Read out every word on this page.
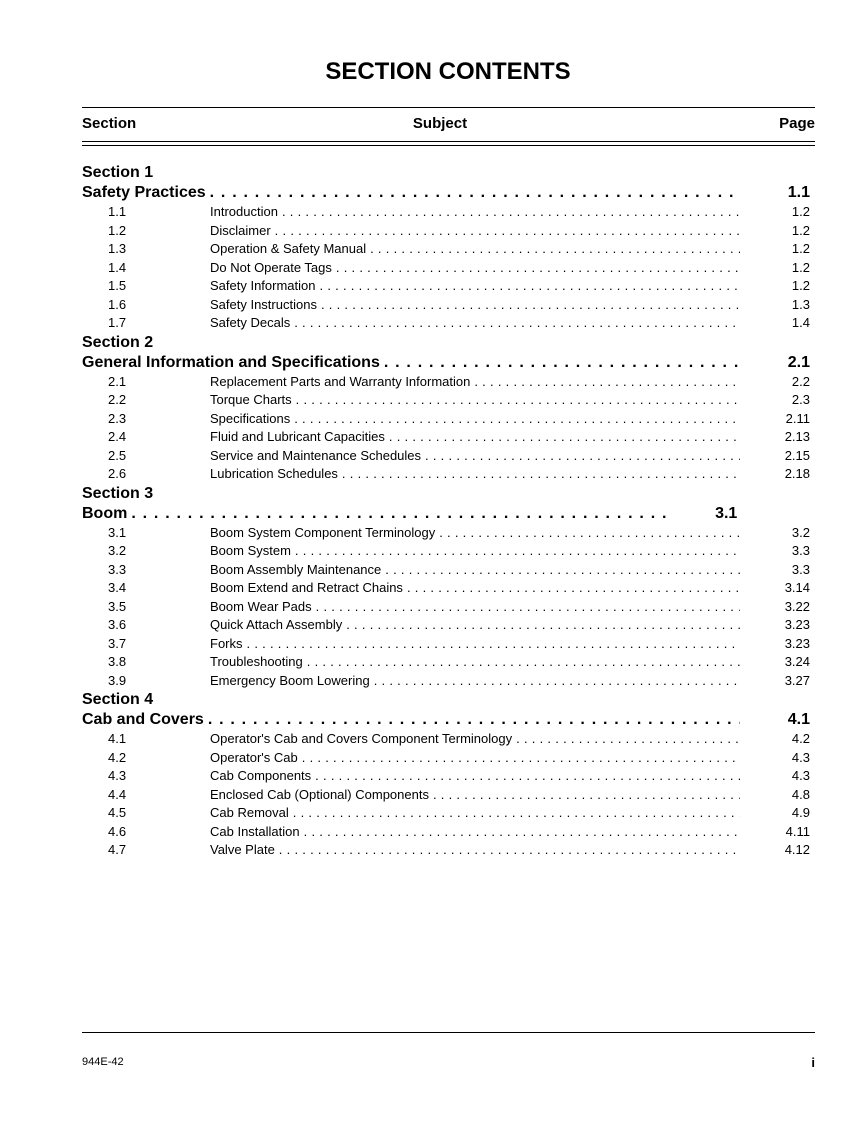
SECTION CONTENTS
Section	Subject	Page
Section 1
Safety Practices . . .	1.1
1.1	Introduction . . .	1.2
1.2	Disclaimer . . .	1.2
1.3	Operation & Safety Manual . . .	1.2
1.4	Do Not Operate Tags . . .	1.2
1.5	Safety Information . . .	1.2
1.6	Safety Instructions . . .	1.3
1.7	Safety Decals . . .	1.4
Section 2
General Information and Specifications . . .	2.1
2.1	Replacement Parts and Warranty Information . . .	2.2
2.2	Torque Charts . . .	2.3
2.3	Specifications . . .	2.11
2.4	Fluid and Lubricant Capacities . . .	2.13
2.5	Service and Maintenance Schedules . . .	2.15
2.6	Lubrication Schedules . . .	2.18
Section 3
Boom . . .	3.1
3.1	Boom System Component Terminology . . .	3.2
3.2	Boom System . . .	3.3
3.3	Boom Assembly Maintenance . . .	3.3
3.4	Boom Extend and Retract Chains . . .	3.14
3.5	Boom Wear Pads . . .	3.22
3.6	Quick Attach Assembly . . .	3.23
3.7	Forks . . .	3.23
3.8	Troubleshooting . . .	3.24
3.9	Emergency Boom Lowering . . .	3.27
Section 4
Cab and Covers . . .	4.1
4.1	Operator's Cab and Covers Component Terminology . . .	4.2
4.2	Operator's Cab . . .	4.3
4.3	Cab Components . . .	4.3
4.4	Enclosed Cab (Optional) Components . . .	4.8
4.5	Cab Removal . . .	4.9
4.6	Cab Installation . . .	4.11
4.7	Valve Plate . . .	4.12
944E-42	i
